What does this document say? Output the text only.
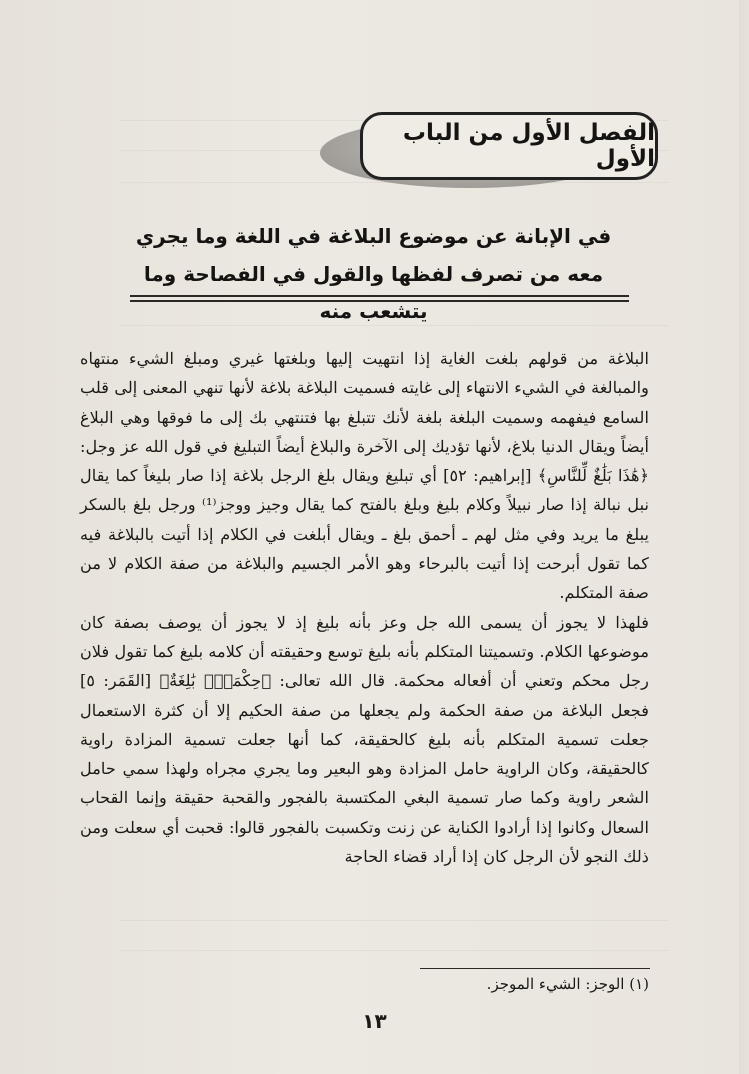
الفصل الأول من الباب الأول
في الإبانة عن موضوع البلاغة في اللغة وما يجري
معه من تصرف لفظها والقول في الفصاحة وما يتشعب منه

البلاغة من قولهم بلغت الغاية إذا انتهيت إليها وبلغتها غيري ومبلغ الشيء منتهاه والمبالغة في الشيء الانتهاء إلى غايته فسميت البلاغة بلاغة لأنها تنهي المعنى إلى قلب السامع فيفهمه وسميت البلغة بلغة لأنك تتبلغ بها فتنتهي بك إلى ما فوقها وهي البلاغ أيضاً ويقال الدنيا بلاغ، لأنها تؤديك إلى الآخرة والبلاغ أيضاً التبليغ في قول الله عز وجل: ﴿هَٰذَا بَلَٰغٌ لِّلنَّاسِ﴾ [إبراهيم: ٥٢] أي تبليغ ويقال بلغ الرجل بلاغة إذا صار بليغاً كما يقال نبل نبالة إذا صار نبيلاً وكلام بليغ وبلغ بالفتح كما يقال وجيز ووجز⁽¹⁾ ورجل بلغ بالسكر يبلغ ما يريد وفي مثل لهم ـ أحمق بلغ ـ ويقال أبلغت في الكلام إذا أتيت بالبلاغة فيه كما تقول أبرحت إذا أتيت بالبرحاء وهو الأمر الجسيم والبلاغة من صفة الكلام لا من صفة المتكلم.

فلهذا لا يجوز أن يسمى الله جل وعز بأنه بليغ إذ لا يجوز أن يوصف بصفة كان موضوعها الكلام. وتسميتنا المتكلم بأنه بليغ توسع وحقيقته أن كلامه بليغ كما تقول فلان رجل محكم وتعني أن أفعاله محكمة. قال الله تعالى: ﴿حِكْمَةٌۢ بَٰلِغَةٌ﴾ [القَمَر: ٥] فجعل البلاغة من صفة الحكمة ولم يجعلها من صفة الحكيم إلا أن كثرة الاستعمال جعلت تسمية المتكلم بأنه بليغ كالحقيقة، كما أنها جعلت تسمية المزادة راوية كالحقيقة، وكان الراوية حامل المزادة وهو البعير وما يجري مجراه ولهذا سمي حامل الشعر راوية وكما صار تسمية البغي المكتسبة بالفجور والقحبة حقيقة وإنما القحاب السعال وكانوا إذا أرادوا الكناية عن زنت وتكسبت بالفجور قالوا: قحبت أي سعلت ومن ذلك النجو لأن الرجل كان إذا أراد قضاء الحاجة

(١) الوجز: الشيء الموجز.
١٣
